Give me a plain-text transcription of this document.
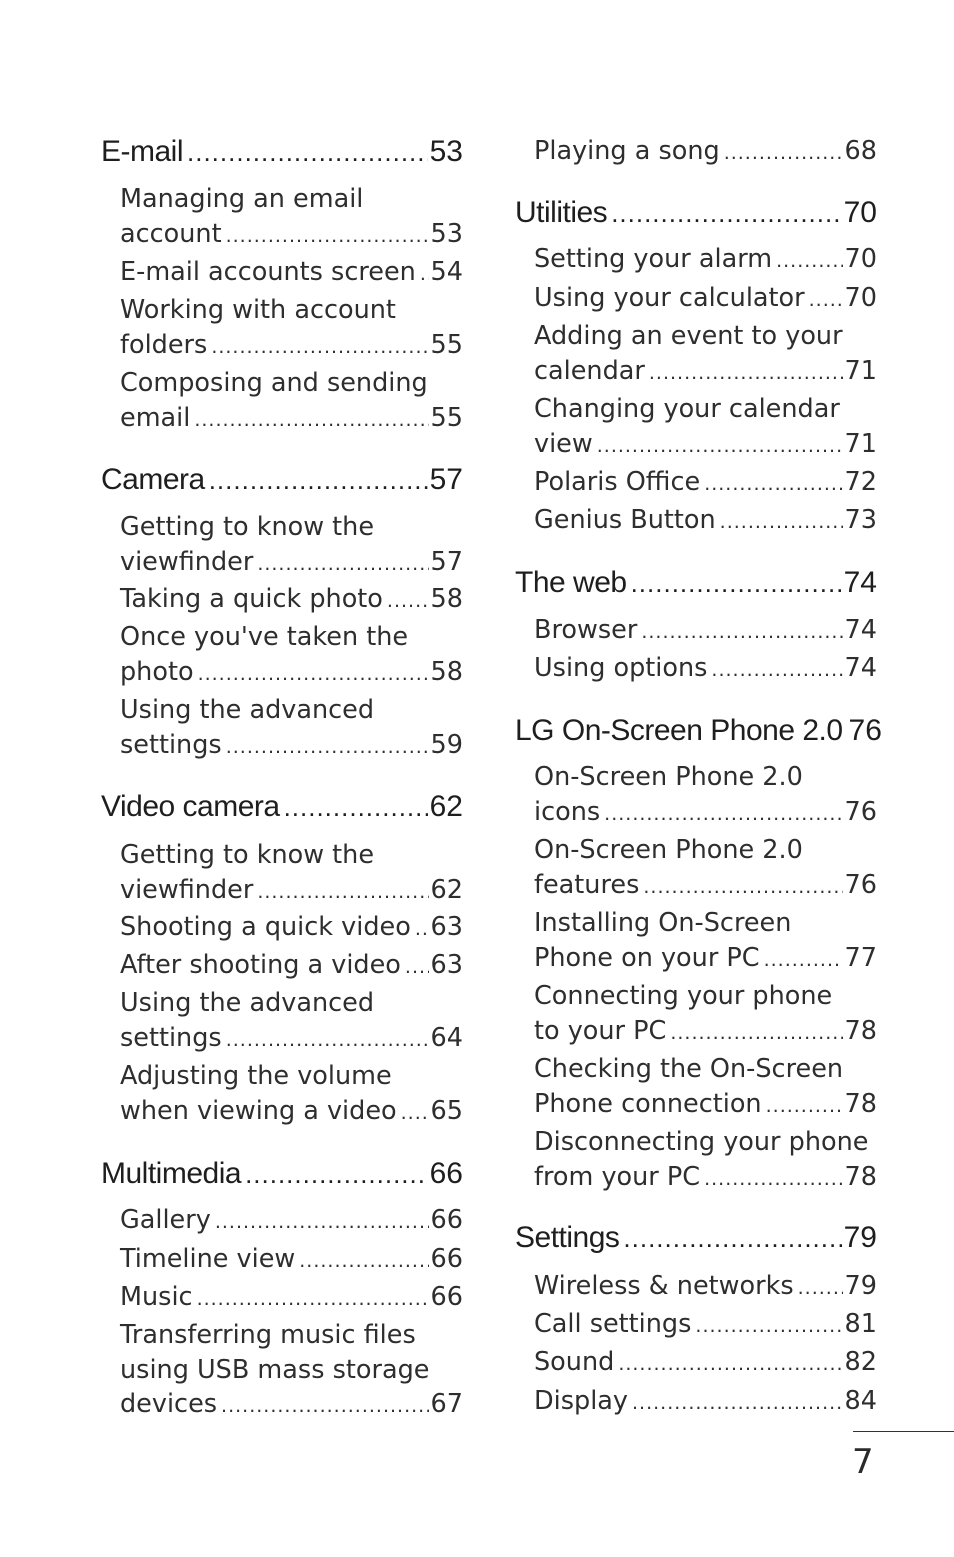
E-mail .....	53
Managing an email
account .....	53
E-mail accounts screen ..... 54
Working with account
folders .....	55
Composing and sending
email .....	55
Camera .....	57
Getting to know the
viewfinder .....	57
Taking a quick photo ..... 58
Once you've taken the
photo .....	58
Using the advanced
settings .....	59
Video camera .....	62
Getting to know the
viewfinder .....	62
Shooting a quick video ..... 63
After shooting a video ..... 63
Using the advanced
settings .....	64
Adjusting the volume
when viewing a video ..... 65
Multimedia .....	66
Gallery .....	66
Timeline view .....	66
Music .....	66
Transferring music files
using USB mass storage
devices .....	67
Playing a song .....	68
Utilities .....	70
Setting your alarm .....	70
Using your calculator ..... 70
Adding an event to your
calendar .....	71
Changing your calendar
view .....	71
Polaris Office .....	72
Genius Button .....	73
The web .....	74
Browser .....	74
Using options .....	74
LG On-Screen Phone 2.0 76
On-Screen Phone 2.0
icons .....	76
On-Screen Phone 2.0
features .....	76
Installing On-Screen
Phone on your PC .....	77
Connecting your phone
to your PC .....	78
Checking the On-Screen
Phone connection .....	78
Disconnecting your phone
from your PC .....	78
Settings .....	79
Wireless & networks ..... 79
Call settings .....	81
Sound .....	82
Display .....	84
7
